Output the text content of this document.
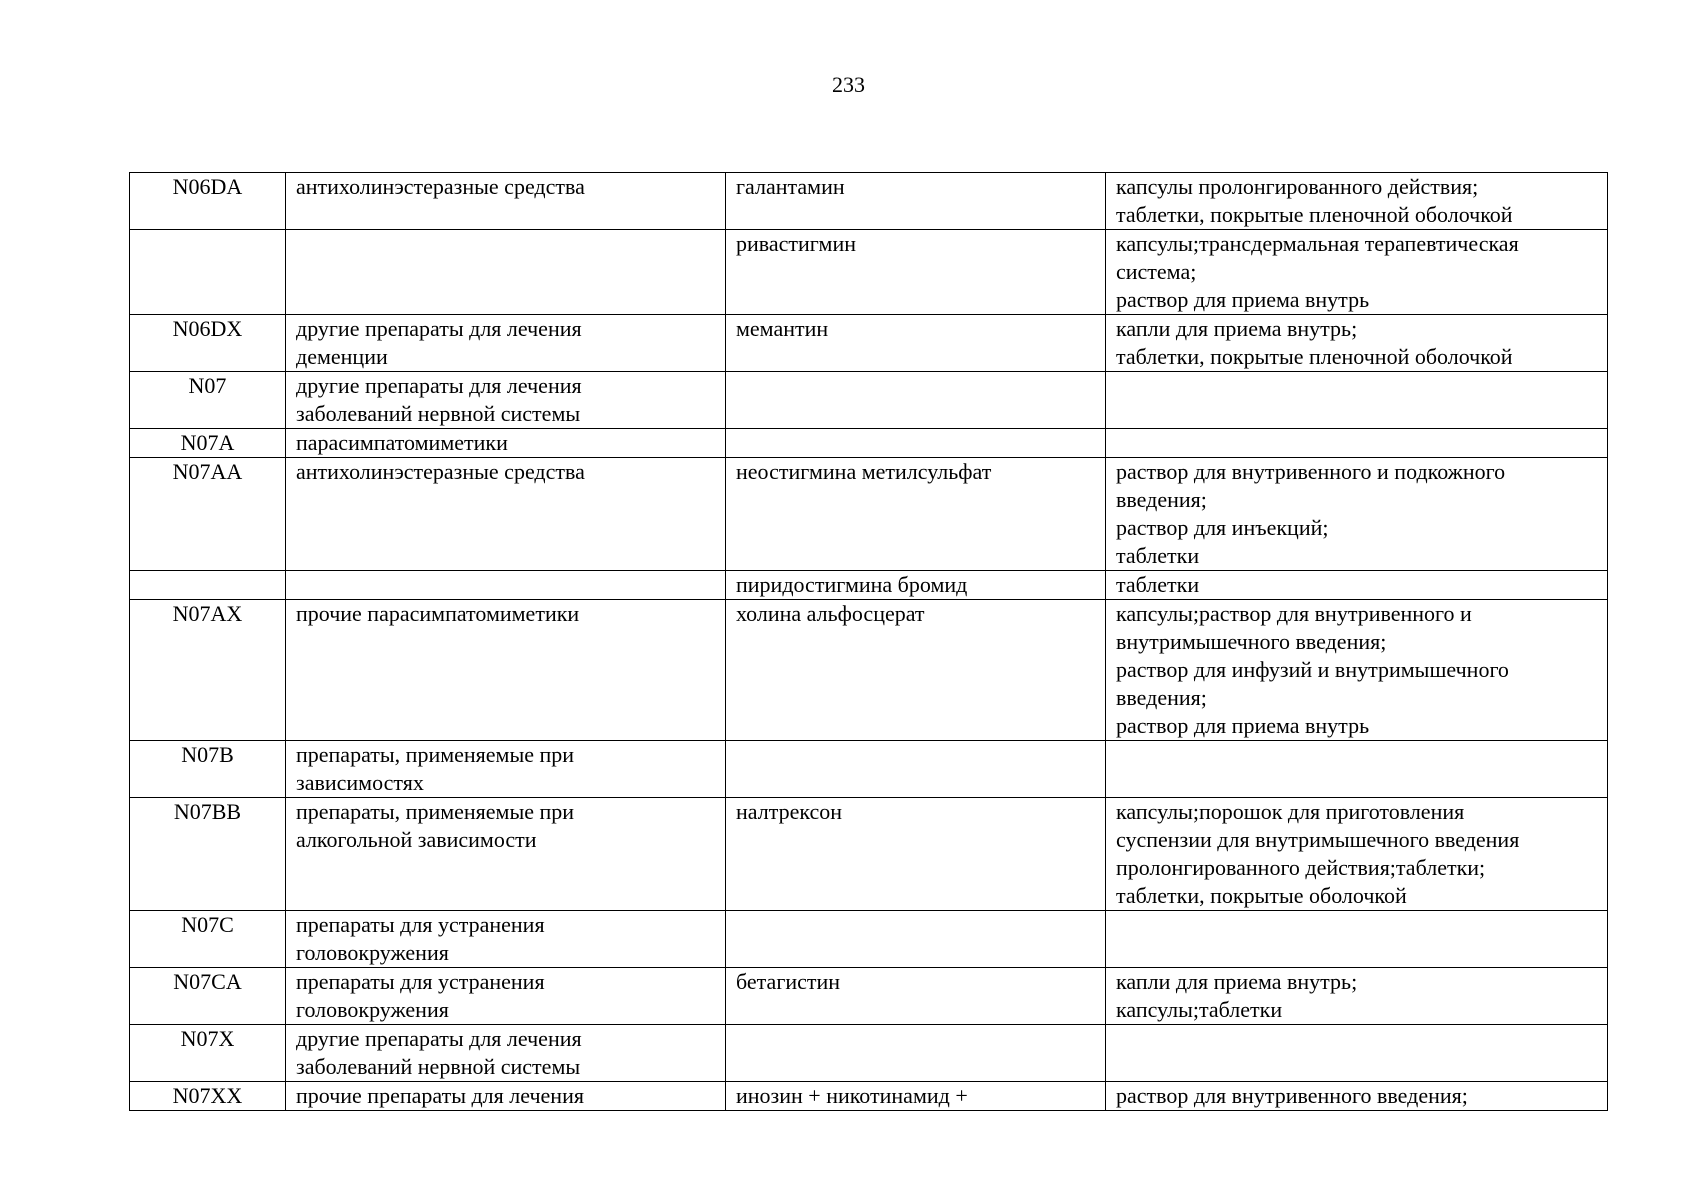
233
N06DA	антихолинэстеразные средства	галантамин	капсулы пролонгированного действия;
таблетки, покрытые пленочной оболочкой

		ривастигмин	капсулы;трансдермальная терапевтическая
система;
раствор для приема внутрь

N06DX	другие препараты для лечения
деменции	мемантин	капли для приема внутрь;
таблетки, покрытые пленочной оболочкой

N07	другие препараты для лечения
заболеваний нервной системы		

N07A	парасимпатомиметики		

N07AA	антихолинэстеразные средства	неостигмина метилсульфат	раствор для внутривенного и подкожного
введения;
раствор для инъекций;
таблетки

		пиридостигмина бромид	таблетки

N07AX	прочие парасимпатомиметики	холина альфосцерат	капсулы;раствор для внутривенного и
внутримышечного введения;
раствор для инфузий и внутримышечного
введения;
раствор для приема внутрь

N07B	препараты, применяемые при
зависимостях		

N07BB	препараты, применяемые при
алкогольной зависимости	налтрексон	капсулы;порошок для приготовления
суспензии для внутримышечного введения
пролонгированного действия;таблетки;
таблетки, покрытые оболочкой

N07C	препараты для устранения
головокружения		

N07CA	препараты для устранения
головокружения	бетагистин	капли для приема внутрь;
капсулы;таблетки

N07X	другие препараты для лечения
заболеваний нервной системы		

N07XX	прочие препараты для лечения	инозин + никотинамид +	раствор для внутривенного введения;
